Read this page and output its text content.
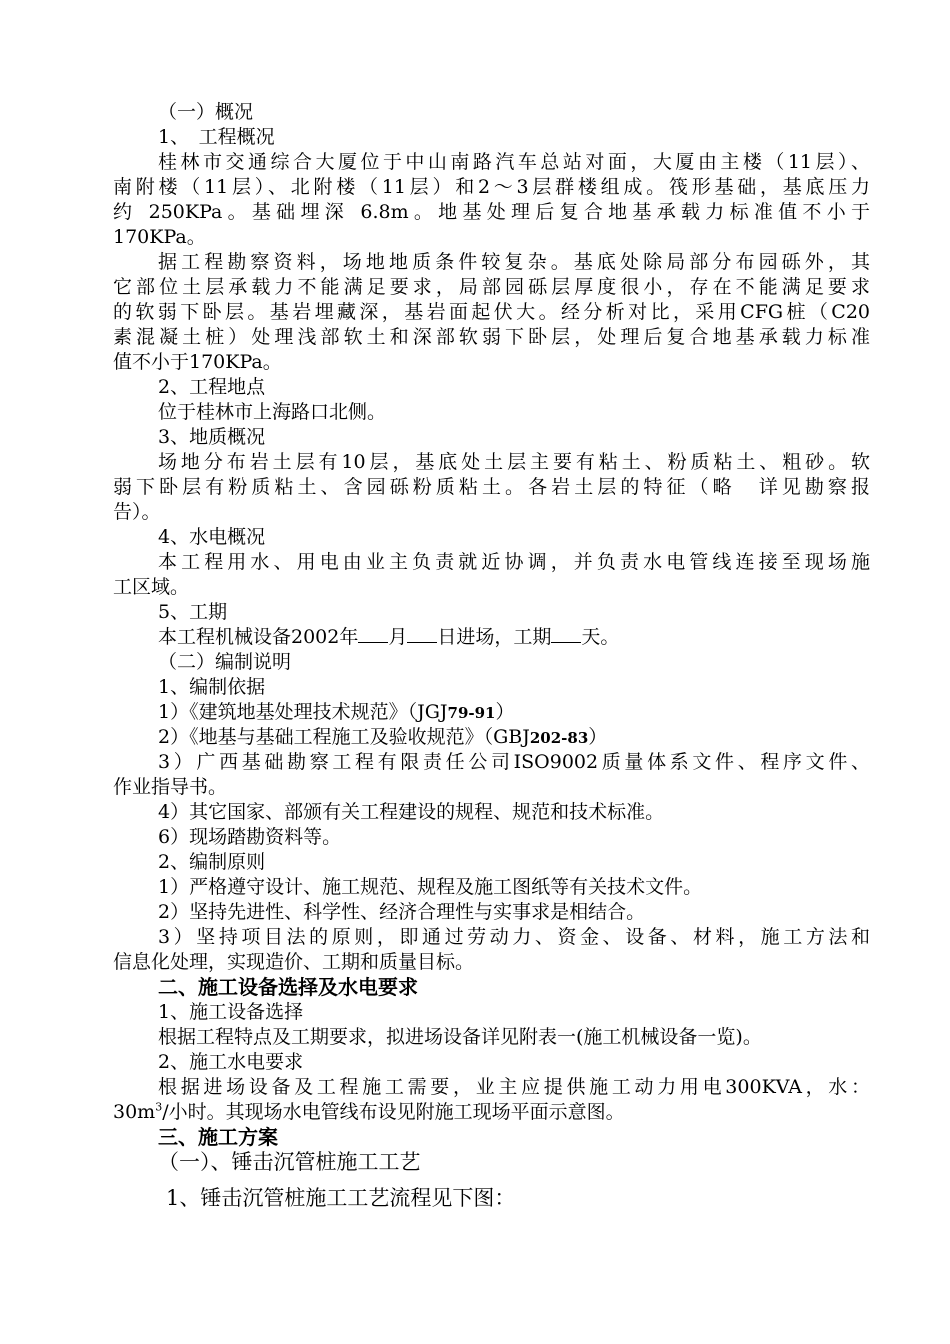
（一）概况
1、　工程概况
桂林市交通综合大厦位于中山南路汽车总站对面，大厦由主楼（11层）、
南附楼（11层）、北附楼（11层）和2～3层群楼组成。筏形基础，基底压力
约 250KPa。基础埋深 6.8m。地基处理后复合地基承载力标准值不小于
170KPa。
据工程勘察资料，场地地质条件较复杂。基底处除局部分布园砾外，其
它部位土层承载力不能满足要求，局部园砾层厚度很小，存在不能满足要求
的软弱下卧层。基岩埋藏深，基岩面起伏大。经分析对比，采用CFG桩（C20
素混凝土桩）处理浅部软土和深部软弱下卧层，处理后复合地基承载力标准
值不小于170KPa。
2、工程地点
位于桂林市上海路口北侧。
3、地质概况
场地分布岩土层有10层，基底处土层主要有粘土、粉质粘土、粗砂。软
弱下卧层有粉质粘土、含园砾粉质粘土。各岩土层的特征（略　详见勘察报
告）。
4、水电概况
本工程用水、用电由业主负责就近协调，并负责水电管线连接至现场施
工区域。
5、工期
本工程机械设备2002年 月 日进场，工期 天。
（二）编制说明
1、编制依据
1）《建筑地基处理技术规范》（JGJ79-91）
2）《地基与基础工程施工及验收规范》（GBJ202-83）
3）广西基础勘察工程有限责任公司ISO9002质量体系文件、程序文件、
作业指导书。
4）其它国家、部颁有关工程建设的规程、规范和技术标准。
6）现场踏勘资料等。
2、编制原则
1）严格遵守设计、施工规范、规程及施工图纸等有关技术文件。
2）坚持先进性、科学性、经济合理性与实事求是相结合。
3）坚持项目法的原则，即通过劳动力、资金、设备、材料，施工方法和
信息化处理，实现造价、工期和质量目标。
二、施工设备选择及水电要求
1、施工设备选择
根据工程特点及工期要求，拟进场设备详见附表一(施工机械设备一览)。
2、施工水电要求
根据进场设备及工程施工需要，业主应提供施工动力用电300KVA，水：
$30m^3/$小时。其现场水电管线布设见附施工现场平面示意图。
三、施工方案
（一）、锤击沉管桩施工工艺
1、锤击沉管桩施工工艺流程见下图：
